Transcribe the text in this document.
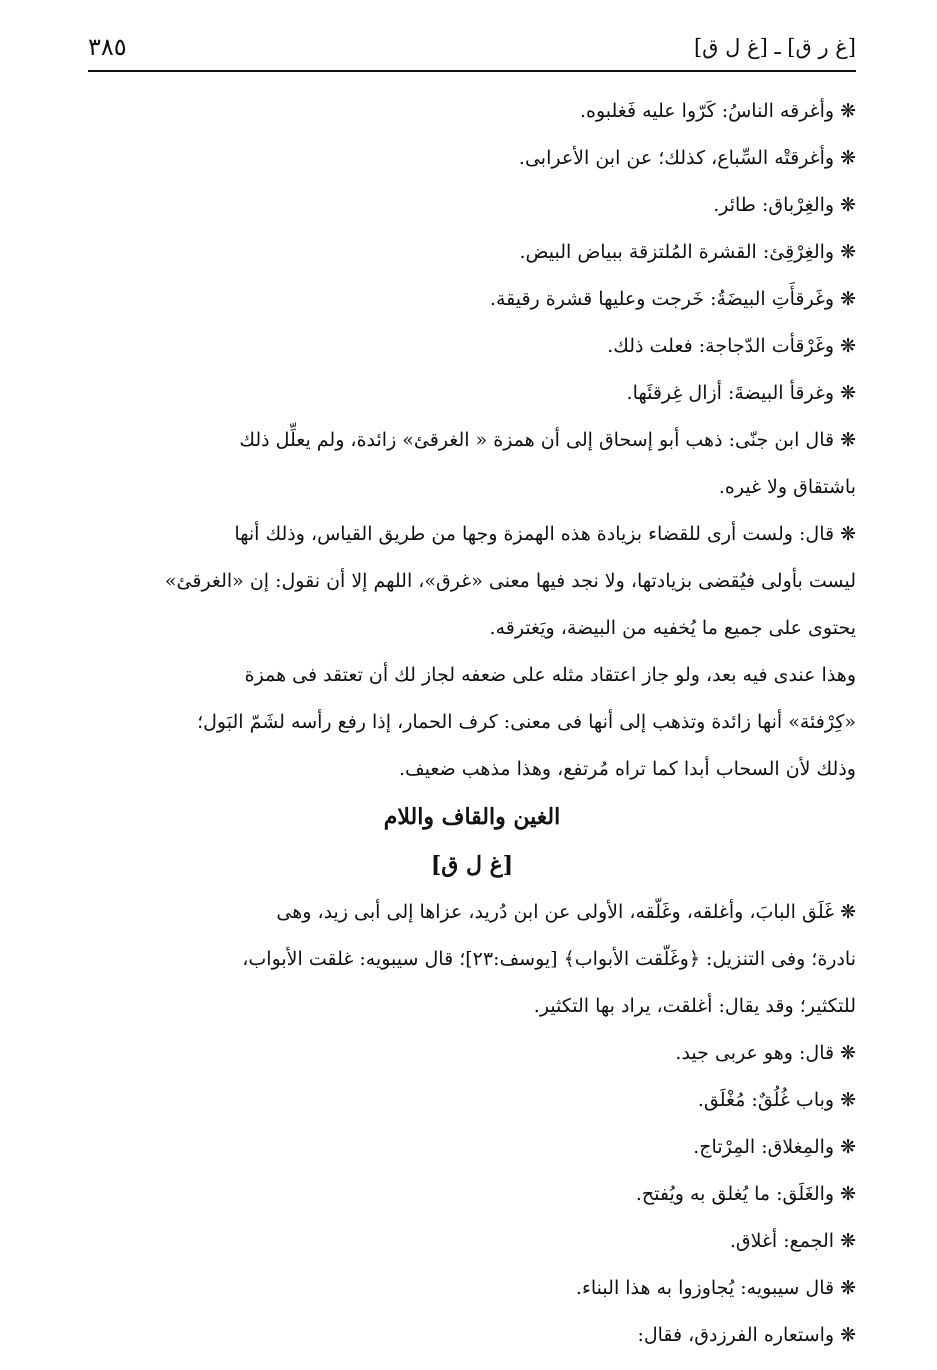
٣٨٥	[غ ر ق] ـ [غ ل ق]

❋وأغرقه الناسُ: كَرّوا عليه فَغلبوه.

❋وأغرقتْه السِّباع، كذلك؛ عن ابن الأعرابى.

❋والغِرْباق: طائر.

❋والغِرْقِئ: القشرة المُلتزقة ببياض البيض.

❋وغَرقأَتِ البيضَةُ: خَرجت وعليها قشرة رقيقة.

❋وغَرْقأت الدّجاجة: فعلت ذلك.

❋وغرقأ البيضةَ: أزال غِرقئَها.

❋قال ابن جنّى: ذهب أبو إسحاق إلى أن همزة « الغرقئ» زائدة، ولم يعلِّل ذلك

باشتقاق ولا غيره.

❋قال: ولست أرى للقضاء بزيادة هذه الهمزة وجها من طريق القياس، وذلك أنها

ليست بأولى فيُقضى بزيادتها، ولا نجد فيها معنى «غرق»، اللهم إلا أن نقول: إن «الغرقئ»

يحتوى على جميع ما يُخفيه من البيضة، ويَغترقه.

وهذا عندى فيه بعد، ولو جاز اعتقاد مثله على ضعفه لجاز لك أن تعتقد فى همزة

«كِرْفئة» أنها زائدة وتذهب إلى أنها فى معنى: كرف الحمار، إذا رفع رأسه لشَمّ البَول؛

وذلك لأن السحاب أبدا كما تراه مُرتفع، وهذا مذهب ضعيف.

الغين والقاف واللام

[غ ل ق]

❋غَلَق البابَ، وأغلقه، وغَلّقه، الأولى عن ابن دُريد، عزاها إلى أبى زيد، وهى

نادرة؛ وفى التنزيل: ﴿وغَلّقت الأبواب﴾ [يوسف:٢٣]؛ قال سيبويه: غلقت الأبواب،

للتكثير؛ وقد يقال: أغلقت، يراد بها التكثير.

❋قال: وهو عربى جيد.

❋وباب غُلُقٌ: مُغْلَق.

❋والمِغلاق: المِرْتاج.

❋والغَلَق: ما يُغلق به ويُفتح.

❋الجمع: أغلاق.

❋قال سيبويه: يُجاوزوا به هذا البناء.

❋واستعاره الفرزدق، فقال:
